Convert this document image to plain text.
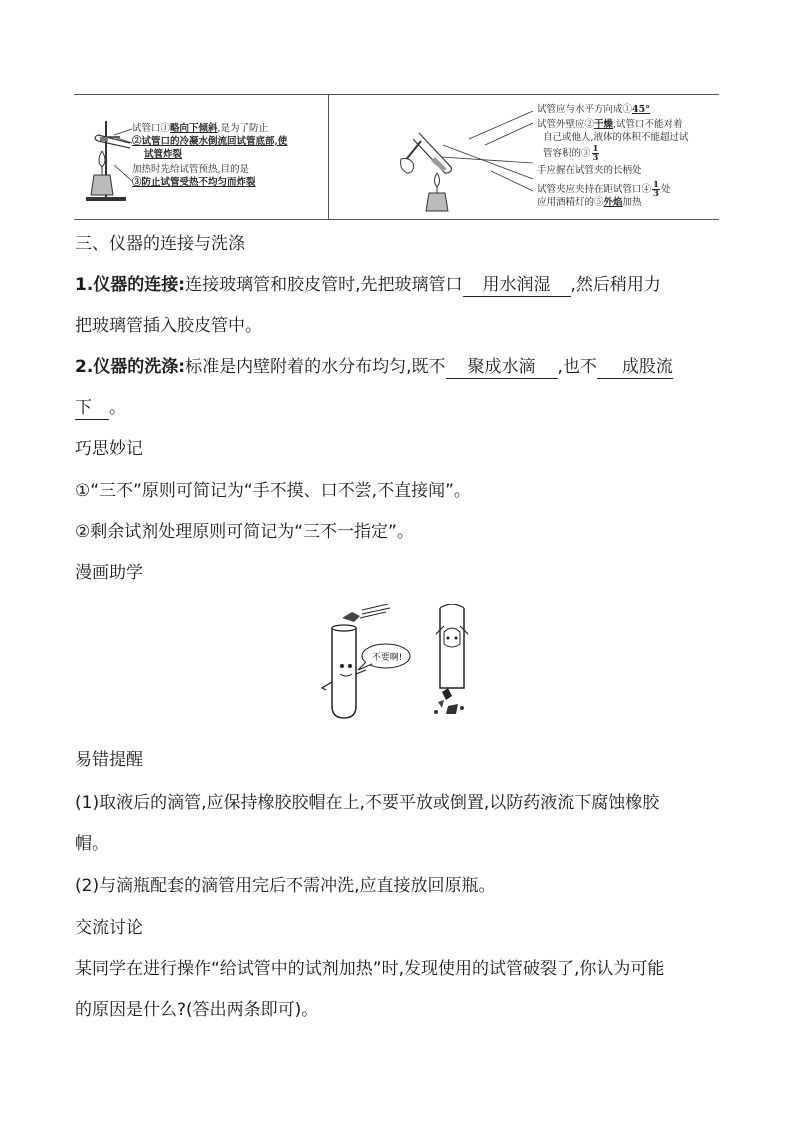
试管口①略向下倾斜,是为了防止
②试管口的冷凝水倒流回试管底部,使
试管炸裂
加热时先给试管预热,目的是
③防止试管受热不均匀而炸裂
试管应与水平方向成①45°
试管外壁应②干燥,试管口不能对着
自己或他人,液体的体积不能超过试
管容积的③ $\frac{1}{3}$
手应握在试管夹的长柄处
试管夹应夹持在距试管口④ $\frac{1}{3}$ 处
应用酒精灯的⑤外焰加热
三、仪器的连接与洗涤
1.仪器的连接:连接玻璃管和胶皮管时,先把玻璃管口 用水润湿 ,然后稍用力
把玻璃管插入胶皮管中。
2.仪器的洗涤:标准是内壁附着的水分布均匀,既不 聚成水滴 ,也不 成股流
下 。
巧思妙记
①“三不”原则可简记为“手不摸、口不尝,不直接闻”。
②剩余试剂处理原则可简记为“三不一指定”。
漫画助学
不要啊!
易错提醒
(1)取液后的滴管,应保持橡胶胶帽在上,不要平放或倒置,以防药液流下腐蚀橡胶
帽。
(2)与滴瓶配套的滴管用完后不需冲洗,应直接放回原瓶。
交流讨论
某同学在进行操作“给试管中的试剂加热”时,发现使用的试管破裂了,你认为可能
的原因是什么?(答出两条即可)。
